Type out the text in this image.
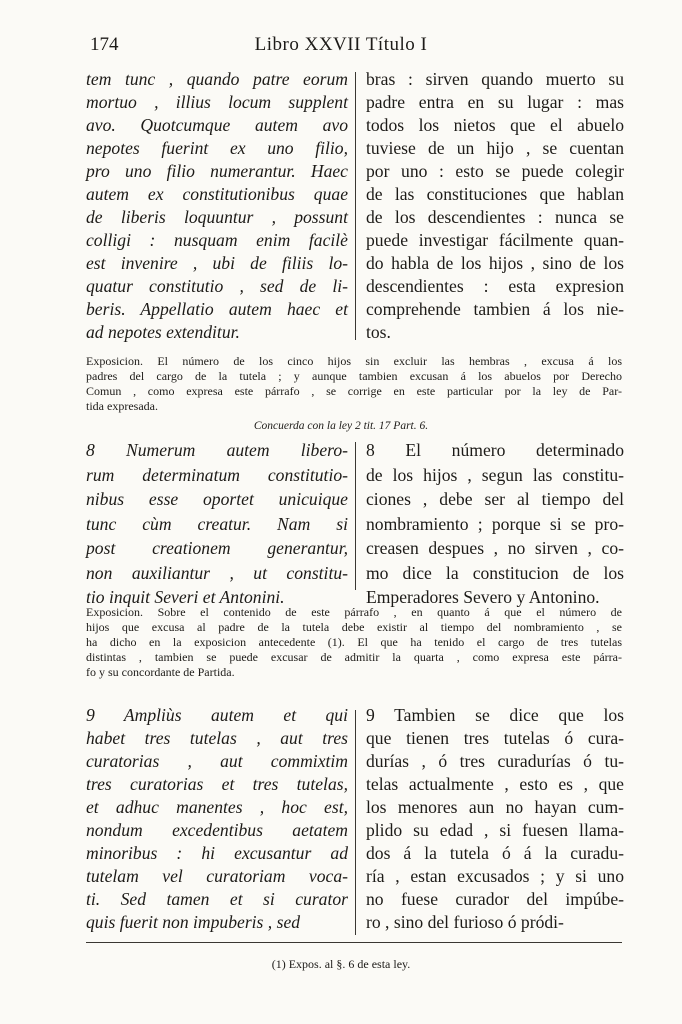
174	Libro XXVII Título I
tem tunc , quando patre eorum
mortuo , illius locum supplent
avo. Quotcumque autem avo
nepotes fuerint ex uno filio,
pro uno filio numerantur. Haec
autem ex constitutionibus quae
de liberis loquuntur , possunt
colligi : nusquam enim facilè
est invenire , ubi de filiis lo-
quatur constitutio , sed de li-
beris. Appellatio autem haec et
ad nepotes extenditur.
bras : sirven quando muerto su
padre entra en su lugar : mas
todos los nietos que el abuelo
tuviese de un hijo , se cuentan
por uno : esto se puede colegir
de las constituciones que hablan
de los descendientes : nunca se
puede investigar fácilmente quan-
do habla de los hijos , sino de los
descendientes : esta expresion
comprehende tambien á los nie-
tos.
Exposicion. El número de los cinco hijos sin excluir las hembras , excusa á los
padres del cargo de la tutela ; y aunque tambien excusan á los abuelos por Derecho
Comun , como expresa este párrafo , se corrige en este particular por la ley de Par-
tida expresada.
Concuerda con la ley 2 tit. 17 Part. 6.
8 Numerum autem libero-
rum determinatum constitutio-
nibus esse oportet unicuique
tunc cùm creatur. Nam si
post creationem generantur,
non auxiliantur , ut constitu-
tio inquit Severi et Antonini.
8 El número determinado
de los hijos , segun las constitu-
ciones , debe ser al tiempo del
nombramiento ; porque si se pro-
creasen despues , no sirven , co-
mo dice la constitucion de los
Emperadores Severo y Antonino.
Exposicion. Sobre el contenido de este párrafo , en quanto á que el número de
hijos que excusa al padre de la tutela debe existir al tiempo del nombramiento , se
ha dicho en la exposicion antecedente (1). El que ha tenido el cargo de tres tutelas
distintas , tambien se puede excusar de admitir la quarta , como expresa este párra-
fo y su concordante de Partida.
9 Ampliùs autem et qui
habet tres tutelas , aut tres
curatorias , aut commixtim
tres curatorias et tres tutelas,
et adhuc manentes , hoc est,
nondum excedentibus aetatem
minoribus : hi excusantur ad
tutelam vel curatoriam voca-
ti. Sed tamen et si curator
quis fuerit non impuberis , sed
9 Tambien se dice que los
que tienen tres tutelas ó cura-
durías , ó tres curadurías ó tu-
telas actualmente , esto es , que
los menores aun no hayan cum-
plido su edad , si fuesen llama-
dos á la tutela ó á la curadu-
ría , estan excusados ; y si uno
no fuese curador del impúbe-
ro , sino del furioso ó pródi-
(1) Expos. al §. 6 de esta ley.
